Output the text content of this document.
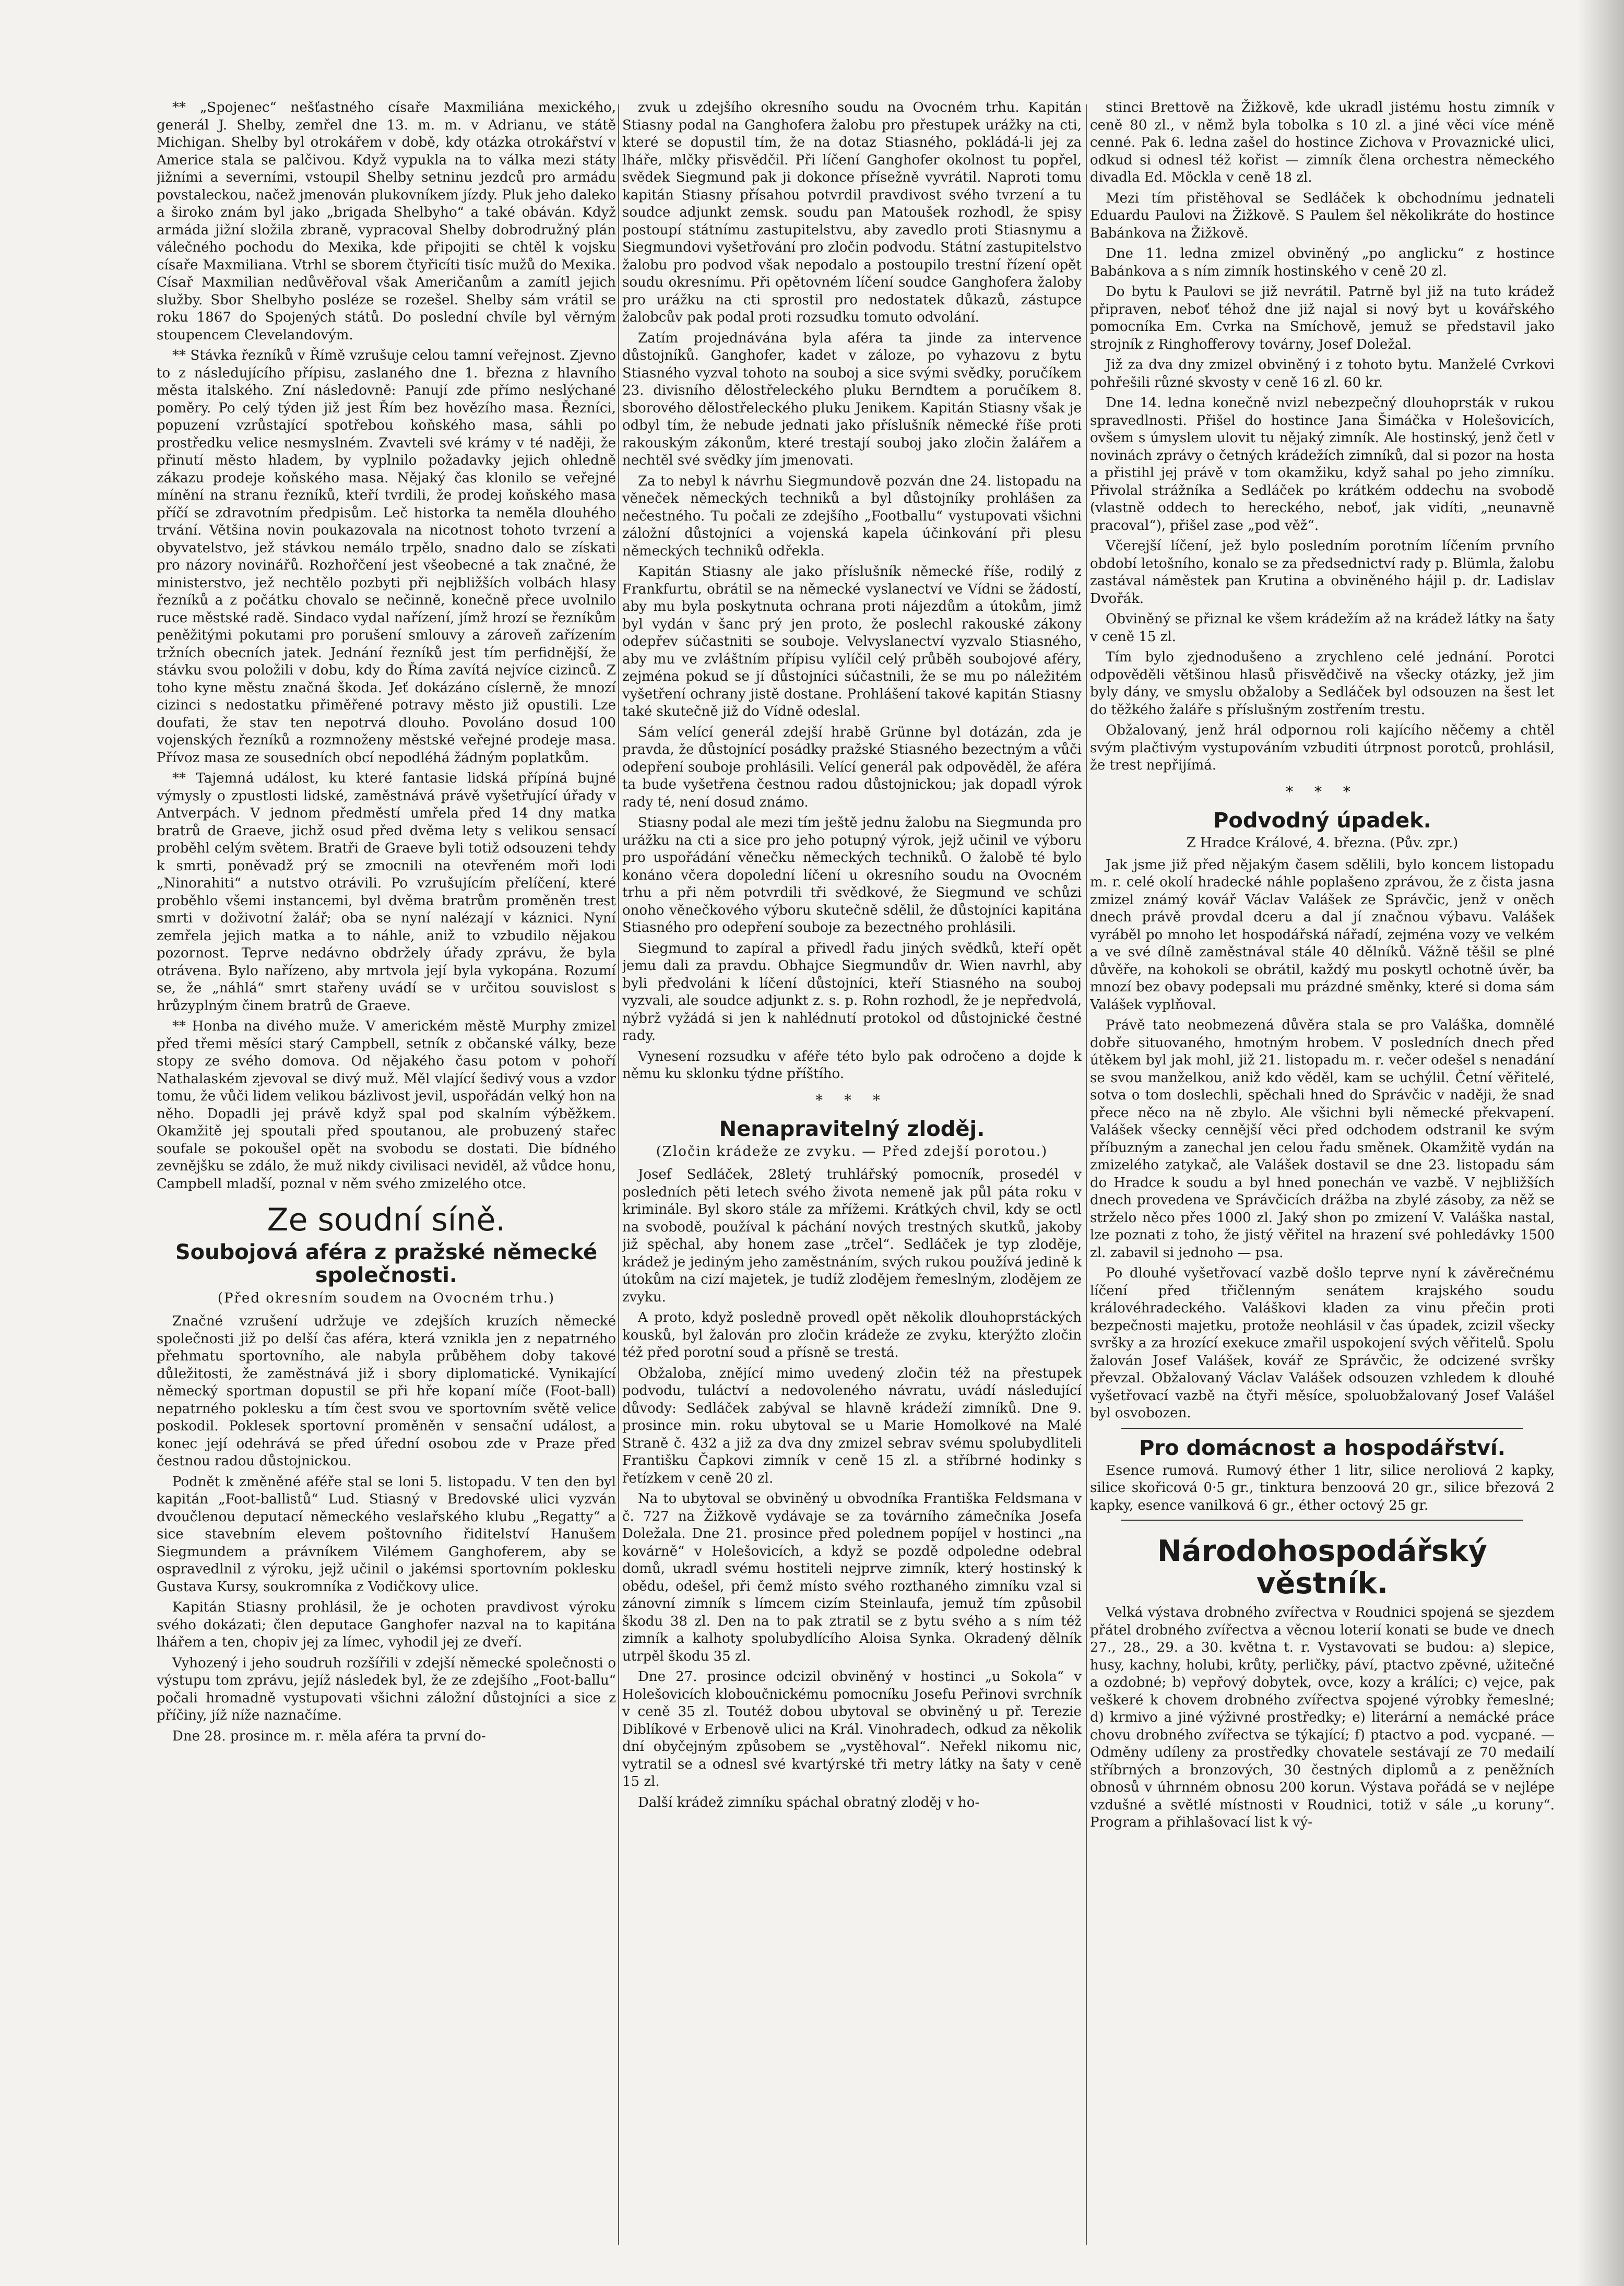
** „Spojenec“ nešťastného císaře Maxmiliána mexického, generál J. Shelby, zemřel dne 13. m. m. v Adrianu, ve státě Michigan. Shelby byl otrokářem v době, kdy otázka otrokářství v Americe stala se palčivou. Když vypukla na to válka mezi státy jižními a severními, vstoupil Shelby setninu jezdců pro armádu povstaleckou, načež jmenován plukovníkem jízdy. Pluk jeho daleko a široko znám byl jako „brigada Shelbyho“ a také obáván. Když armáda jižní složila zbraně, vypracoval Shelby dobrodružný plán válečného pochodu do Mexika, kde připojiti se chtěl k vojsku císaře Maxmiliana. Vtrhl se sborem čtyřicíti tisíc mužů do Mexika. Císař Maxmilian nedůvěřoval však Američanům a zamítl jejich služby. Sbor Shelbyho posléze se rozešel. Shelby sám vrátil se roku 1867 do Spojených států. Do poslední chvíle byl věrným stoupencem Clevelandovým.

** Stávka řezníků v Římě vzrušuje celou tamní veřejnost. Zjevno to z následujícího přípisu, zaslaného dne 1. března z hlavního města italského. Zní následovně: Panují zde přímo neslýchané poměry. Po celý týden již jest Řím bez hovězího masa. Řezníci, popuzení vzrůstající spotřebou koňského masa, sáhli po prostředku velice nesmyslném. Zvavteli své krámy v té naději, že přinutí město hladem, by vyplnilo požadavky jejich ohledně zákazu prodeje koňského masa. Nějaký čas klonilo se veřejné mínění na stranu řezníků, kteří tvrdili, že prodej koňského masa příčí se zdravotním předpisům. Leč historka ta neměla dlouhého trvání. Většina novin poukazovala na nicotnost tohoto tvrzení a obyvatelstvo, jež stávkou nemálo trpělo, snadno dalo se získati pro názory novinářů. Rozhořčení jest všeobecné a tak značné, že ministerstvo, jež nechtělo pozbyti při nejbližších volbách hlasy řezníků a z počátku chovalo se nečinně, konečně přece uvolnilo ruce městské radě. Sindaco vydal nařízení, jímž hrozí se řezníkům peněžitými pokutami pro porušení smlouvy a zároveň zařízením tržních obecních jatek. Jednání řezníků jest tím perfidnější, že stávku svou položili v dobu, kdy do Říma zavítá nejvíce cizinců. Z toho kyne městu značná škoda. Jeť dokázáno císlerně, že mnozí cizinci s nedostatku přiměřené potravy město již opustili. Lze doufati, že stav ten nepotrvá dlouho. Povoláno dosud 100 vojenských řezníků a rozmnoženy městské veřejné prodeje masa. Přívoz masa ze sousedních obcí nepodléhá žádným poplatkům.

** Tajemná událost, ku které fantasie lidská přípíná bujné výmysly o zpustlosti lidské, zaměstnává právě vyšetřující úřady v Antverpách. V jednom předměstí umřela před 14 dny matka bratrů de Graeve, jichž osud před dvěma lety s velikou sensací proběhl celým světem. Bratři de Graeve byli totiž odsouzeni tehdy k smrti, poněvadž prý se zmocnili na otevřeném moři lodi „Ninorahiti“ a nutstvo otrávili. Po vzrušujícím přelíčení, které proběhlo všemi instancemi, byl dvěma bratrům proměněn trest smrti v doživotní žalář; oba se nyní nalézají v káznici. Nyní zemřela jejich matka a to náhle, aniž to vzbudilo nějakou pozornost. Teprve nedávno obdržely úřady zprávu, že byla otrávena. Bylo nařízeno, aby mrtvola její byla vykopána. Rozumí se, že „náhlá“ smrt stařeny uvádí se v určitou souvislost s hrůzyplným činem bratrů de Graeve.

** Honba na divého muže. V americkém městě Murphy zmizel před třemi měsíci starý Campbell, setník z občanské války, beze stopy ze svého domova. Od nějakého času potom v pohoří Nathalaském zjevoval se divý muž. Měl vlající šedivý vous a vzdor tomu, že vůči lidem velikou bázlivost jevil, uspořádán velký hon na něho. Dopadli jej právě když spal pod skalním výběžkem. Okamžitě jej spoutali před spoutanou, ale probuzený stařec soufale se pokoušel opět na svobodu se dostati. Die bídného zevnějšku se zdálo, že muž nikdy civilisaci neviděl, až vůdce honu, Campbell mladší, poznal v něm svého zmizelého otce.

Ze soudní síně.
Soubojová aféra z pražské německé společnosti.
(Před okresním soudem na Ovocném trhu.)

Značné vzrušení udržuje ve zdejších kruzích německé společnosti již po delší čas aféra, která vznikla jen z nepatrného přehmatu sportovního, ale nabyla průběhem doby takové důležitosti, že zaměstnává již i sbory diplomatické. Vynikající německý sportman dopustil se při hře kopaní míče (Foot-ball) nepatrného poklesku a tím čest svou ve sportovním světě velice poskodil. Poklesek sportovní proměněn v sensační událost, a konec její odehrává se před úřední osobou zde v Praze před čestnou radou důstojnickou.

Podnět k změněné aféře stal se loni 5. listopadu. V ten den byl kapitán „Foot-ballistů“ Lud. Stiasný v Bredovské ulici vyzván dvoučlenou deputací německého veslařského klubu „Regatty“ a sice stavebním elevem poštovního řiditelství Hanušem Siegmundem a právníkem Vilémem Ganghoferem, aby se ospravedlnil z výroku, jejž učinil o jakémsi sportovním poklesku Gustava Kursy, soukromníka z Vodičkovy ulice.

Kapitán Stiasny prohlásil, že je ochoten pravdivost výroku svého dokázati; člen deputace Ganghofer nazval na to kapitána lhářem a ten, chopiv jej za límec, vyhodil jej ze dveří.

Vyhozený i jeho soudruh rozšířili v zdejší německé společnosti o výstupu tom zprávu, jejíž následek byl, že ze zdejšího „Foot-ballu“ počali hromadně vystupovati všichni záložní důstojníci a sice z příčiny, jíž níže naznačíme.

Dne 28. prosince m. r. měla aféra ta první do-

zvuk u zdejšího okresního soudu na Ovocném trhu. Kapitán Stiasny podal na Ganghofera žalobu pro přestupek urážky na cti, které se dopustil tím, že na dotaz Stiasného, pokládá-li jej za lháře, mlčky přisvědčil. Při líčení Ganghofer okolnost tu popřel, svědek Siegmund pak ji dokonce přísežně vyvrátil. Naproti tomu kapitán Stiasny přísahou potvrdil pravdivost svého tvrzení a tu soudce adjunkt zemsk. soudu pan Matoušek rozhodl, že spisy postoupí státnímu zastupitelstvu, aby zavedlo proti Stiasnymu a Siegmundovi vyšetřování pro zločin podvodu. Státní zastupitelstvo žalobu pro podvod však nepodalo a postoupilo trestní řízení opět soudu okresnímu. Při opětovném líčení soudce Ganghofera žaloby pro urážku na cti sprostil pro nedostatek důkazů, zástupce žalobcův pak podal proti rozsudku tomuto odvolání.

Zatím projednávána byla aféra ta jinde za intervence důstojníků. Ganghofer, kadet v záloze, po vyhazovu z bytu Stiasného vyzval tohoto na souboj a sice svými svědky, poručíkem 23. divisního dělostřeleckého pluku Berndtem a poručíkem 8. sborového dělostřeleckého pluku Jenikem. Kapitán Stiasny však je odbyl tím, že nebude jednati jako příslušník německé říše proti rakouským zákonům, které trestají souboj jako zločin žalářem a nechtěl své svědky jím jmenovati.

Za to nebyl k návrhu Siegmundově pozván dne 24. listopadu na věneček německých techniků a byl důstojníky prohlášen za nečestného. Tu počali ze zdejšího „Footballu“ vystupovati všichni záložní důstojníci a vojenská kapela účinkování při plesu německých techniků odřekla.

Kapitán Stiasny ale jako příslušník německé říše, rodilý z Frankfurtu, obrátil se na německé vyslanectví ve Vídni se žádostí, aby mu byla poskytnuta ochrana proti nájezdům a útokům, jimž byl vydán v šanc prý jen proto, že poslechl rakouské zákony odepřev súčastniti se souboje. Velvyslanectví vyzvalo Stiasného, aby mu ve zvláštním přípisu vylíčil celý průběh soubojové aféry, zejména pokud se jí důstojníci súčastnili, že se mu po náležitém vyšetření ochrany jistě dostane. Prohlášení takové kapitán Stiasny také skutečně již do Vídně odeslal.

Sám velící generál zdejší hrabě Grünne byl dotázán, zda je pravda, že důstojnící posádky pražské Stiasného bezectným a vůči odepření souboje prohlásili. Velící generál pak odpověděl, že aféra ta bude vyšetřena čestnou radou důstojnickou; jak dopadl výrok rady té, není dosud známo.

Stiasny podal ale mezi tím ještě jednu žalobu na Siegmunda pro urážku na cti a sice pro jeho potupný výrok, jejž učinil ve výboru pro uspořádání věnečku německých techniků. O žalobě té bylo konáno včera dopolední líčení u okresního soudu na Ovocném trhu a při něm potvrdili tři svědkové, že Siegmund ve schůzi onoho věnečkového výboru skutečně sdělil, že důstojníci kapitána Stiasného pro odepření souboje za bezectného prohlásili.

Siegmund to zapíral a přivedl řadu jiných svědků, kteří opět jemu dali za pravdu. Obhajce Siegmundův dr. Wien navrhl, aby byli předvoláni k líčení důstojníci, kteří Stiasného na souboj vyzvali, ale soudce adjunkt z. s. p. Rohn rozhodl, že je nepředvolá, nýbrž vyžádá si jen k nahlédnutí protokol od důstojnické čestné rady.

Vynesení rozsudku v aféře této bylo pak odročeno a dojde k němu ku sklonku týdne příštího.

* * *
Nenapravitelný zloděj.
(Zločin krádeže ze zvyku. — Před zdejší porotou.)

Josef Sedláček, 28letý truhlářský pomocník, prosedél v posledních pěti letech svého života nemeně jak půl páta roku v kriminále. Byl skoro stále za mřížemi. Krátkých chvil, kdy se octl na svobodě, používal k páchání nových trestných skutků, jakoby již spěchal, aby honem zase „trčel“. Sedláček je typ zloděje, krádež je jediným jeho zaměstnáním, svých rukou používá jedině k útokům na cizí majetek, je tudíž zlodějem řemeslným, zlodějem ze zvyku.

A proto, když posledně provedl opět několik dlouhoprstáckých kousků, byl žalován pro zločin krádeže ze zvyku, kterýžto zločin též před porotní soud a přísně se trestá.

Obžaloba, znějící mimo uvedený zločin též na přestupek podvodu, tuláctví a nedovoleného návratu, uvádí následující důvody: Sedláček zabýval se hlavně krádeží zimníků. Dne 9. prosince min. roku ubytoval se u Marie Homolkové na Malé Straně č. 432 a již za dva dny zmizel sebrav svému spolubydliteli Františku Čapkovi zimník v ceně 15 zl. a stříbrné hodinky s řetízkem v ceně 20 zl.

Na to ubytoval se obviněný u obvodníka Františka Feldsmana v č. 727 na Žižkově vydávaje se za továrního zámečníka Josefa Doležala. Dne 21. prosince před polednem popíjel v hostinci „na kovárně“ v Holešovicích, a když se pozdě odpoledne odebral domů, ukradl svému hostiteli nejprve zimník, který hostinský k obědu, odešel, při čemž místo svého rozthaného zimníku vzal si zánovní zimník s límcem cizím Steinlaufa, jemuž tím způsobil škodu 38 zl. Den na to pak ztratil se z bytu svého a s ním též zimník a kalhoty spolubydlícího Aloisa Synka. Okradený dělník utrpěl škodu 35 zl.

Dne 27. prosince odcizil obviněný v hostinci „u Sokola“ v Holešovicích kloboučnickému pomocníku Josefu Peřinovi svrchník v ceně 35 zl. Toutéž dobou ubytoval se obviněný u př. Terezie Diblíkové v Erbenově ulici na Král. Vinohradech, odkud za několik dní obyčejným způsobem se „vystěhoval“. Neřekl nikomu nic, vytratil se a odnesl své kvartýrské tři metry látky na šaty v ceně 15 zl.

Další krádež zimníku spáchal obratný zloděj v ho-

stinci Brettově na Žižkově, kde ukradl jistému hostu zimník v ceně 80 zl., v němž byla tobolka s 10 zl. a jiné věci více méně cenné. Pak 6. ledna zašel do hostince Zichova v Provaznické ulici, odkud si odnesl též kořist — zimník člena orchestra německého divadla Ed. Möckla v ceně 18 zl.

Mezi tím přistěhoval se Sedláček k obchodnímu jednateli Eduardu Paulovi na Žižkově. S Paulem šel několikráte do hostince Babánkova na Žižkově.

Dne 11. ledna zmizel obviněný „po anglicku“ z hostince Babánkova a s ním zimník hostinského v ceně 20 zl.

Do bytu k Paulovi se již nevrátil. Patrně byl již na tuto krádež připraven, neboť téhož dne již najal si nový byt u kovářského pomocníka Em. Cvrka na Smíchově, jemuž se představil jako strojník z Ringhofferovy továrny, Josef Doležal.

Již za dva dny zmizel obviněný i z tohoto bytu. Manželé Cvrkovi pohřešili různé skvosty v ceně 16 zl. 60 kr.

Dne 14. ledna konečně nvizl nebezpečný dlouhoprsták v rukou spravedlnosti. Přišel do hostince Jana Šimáčka v Holešovicích, ovšem s úmyslem ulovit tu nějaký zimník. Ale hostinský, jenž četl v novinách zprávy o četných krádežích zimníků, dal si pozor na hosta a přistihl jej právě v tom okamžiku, když sahal po jeho zimníku. Přivolal strážníka a Sedláček po krátkém oddechu na svobodě (vlastně oddech to hereckého, neboť, jak vidíti, „neunavně pracoval“), přišel zase „pod věž“.

Včerejší líčení, jež bylo posledním porotním líčením prvního období letošního, konalo se za předsednictví rady p. Blümla, žalobu zastával náměstek pan Krutina a obviněného hájil p. dr. Ladislav Dvořák.

Obviněný se přiznal ke všem krádežím až na krádež látky na šaty v ceně 15 zl.

Tím bylo zjednodušeno a zrychleno celé jednání. Porotci odpověděli většinou hlasů přisvědčivě na všecky otázky, jež jim byly dány, ve smyslu obžaloby a Sedláček byl odsouzen na šest let do těžkého žaláře s příslušným zostřením trestu.

Obžalovaný, jenž hrál odpornou roli kajícího něčemy a chtěl svým plačtivým vystupováním vzbuditi útrpnost porotců, prohlásil, že trest nepřijímá.

* * *
Podvodný úpadek.
Z Hradce Králové, 4. března. (Pův. zpr.)

Jak jsme již před nějakým časem sdělili, bylo koncem listopadu m. r. celé okolí hradecké náhle poplašeno zprávou, že z čista jasna zmizel známý kovář Václav Valášek ze Správčic, jenž v oněch dnech právě provdal dceru a dal jí značnou výbavu. Valášek vyráběl po mnoho let hospodářská nářadí, zejména vozy ve velkém a ve své dílně zaměstnával stále 40 dělníků. Vážně těšil se plné důvěře, na kohokoli se obrátil, každý mu poskytl ochotně úvěr, ba mnozí bez obavy podepsali mu prázdné směnky, které si doma sám Valášek vyplňoval.

Právě tato neobmezená důvěra stala se pro Valáška, domnělé dobře situovaného, hmotným hrobem. V posledních dnech před útěkem byl jak mohl, již 21. listopadu m. r. večer odešel s nenadání se svou manželkou, aniž kdo věděl, kam se uchýlil. Četní věřitelé, sotva o tom doslechli, spěchali hned do Správčic v naději, že snad přece něco na ně zbylo. Ale všichni byli německé překvapení. Valášek všecky cennější věci před odchodem odstranil ke svým příbuzným a zanechal jen celou řadu směnek. Okamžitě vydán na zmizelého zatykač, ale Valášek dostavil se dne 23. listopadu sám do Hradce k soudu a byl hned ponechán ve vazbě. V nejbližších dnech provedena ve Správčicích drážba na zbylé zásoby, za něž se strželo něco přes 1000 zl. Jaký shon po zmizení V. Valáška nastal, lze poznati z toho, že jistý věřitel na hrazení své pohledávky 1500 zl. zabavil si jednoho — psa.

Po dlouhé vyšetřovací vazbě došlo teprve nyní k závěrečnému líčení před třičlenným senátem krajského soudu královéhradeckého. Valáškovi kladen za vinu přečin proti bezpečnosti majetku, protože neohlásil v čas úpadek, zcizil všecky svršky a za hrozící exekuce zmařil uspokojení svých věřitelů. Spolu žalován Josef Valášek, kovář ze Správčic, že odcizené svršky převzal. Obžalovaný Václav Valášek odsouzen vzhledem k dlouhé vyšetřovací vazbě na čtyři měsíce, spoluobžalovaný Josef Valášel byl osvobozen.

Pro domácnost a hospodářství.

Esence rumová. Rumový éther 1 litr, silice neroliová 2 kapky, silice skořicová 0·5 gr., tinktura benzoová 20 gr., silice březová 2 kapky, esence vanilková 6 gr., éther octový 25 gr.

Národohospodářský věstník.

Velká výstava drobného zvířectva v Roudnici spojená se sjezdem přátel drobného zvířectva a věcnou loterií konati se bude ve dnech 27., 28., 29. a 30. května t. r. Vystavovati se budou: a) slepice, husy, kachny, holubi, krůty, perličky, páví, ptactvo zpěvné, užitečné a ozdobné; b) vepřový dobytek, ovce, kozy a králíci; c) vejce, pak veškeré k chovem drobného zvířectva spojené výrobky řemeslné; d) krmivo a jiné výživné prostředky; e) literární a nemácké práce chovu drobného zvířectva se týkající; f) ptactvo a pod. vycpané. — Odměny udíleny za prostředky chovatele sestávají ze 70 medailí stříbrných a bronzových, 30 čestných diplomů a z peněžních obnosů v úhrnném obnosu 200 korun. Výstava pořádá se v nejlépe vzdušné a světlé místnosti v Roudnici, totiž v sále „u koruny“. Program a přihlašovací list k vý-
